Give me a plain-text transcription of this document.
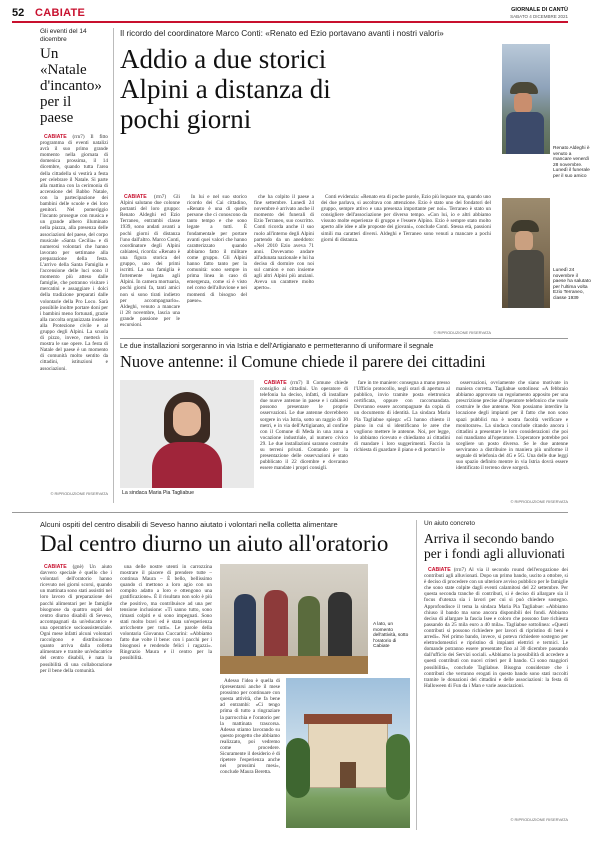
52 CABIATE	GIORNALE DI CANTÙ
SABATO 4 DICEMBRE 2021
Gli eventi del 14 dicembre
Un «Natale d'incanto» per il paese

CABIATE (rrn7) Il fitto programma di eventi natalizi avrà il suo primo grande momento nella giornata di domenica prossima, il 14 dicembre, quando tutta l'area della cittadella si vestirà a festa per celebrare il Natale. Si parte alla mattina con la cerimonia di accensione del Babbo Natale, con la partecipazione dei bambini delle scuole e dei loro genitori. Nel pomeriggio l'incanto prosegue con musica e un grande albero illuminato nella piazza, alla presenza delle associazioni del paese, del corpo musicale «Santa Cecilia» e di numerosi volontari che hanno lavorato per settimane alla preparazione della festa. L'arrivo della Santa Famiglia e l'accensione delle luci sono il momento più atteso dalle famiglie, che potranno visitare i mercatini e assaggiare i dolci della tradizione preparati dalle volontarie della Pro Loco. Sarà possibile inoltre portare doni per i bambini meno fortunati, grazie alla raccolta organizzata insieme alla Protezione civile e al gruppo degli Alpini. La scuola di pizzo, invece, metterà in mostra le sue opere. La festa di Natale del paese è un momento di comunità molto sentito da cittadini, istituzioni e associazioni.

© RIPRODUZIONE RISERVATA
Il ricordo del coordinatore Marco Conti: «Renato ed Ezio portavano avanti i nostri valori»
Addio a due storici Alpini a distanza di pochi giorni
Renato Aldeghi è venuto a mancare venerdì 28 novembre. Lunedì il funerale per il suo amico
Lunedì 24 novembre il paese ha salutato per l'ultima volta Ezio Terraneo, classe 1939

CABIATE (rrn7) Gli Alpini salutano due colonne portanti del loro gruppo: Renato Aldeghi ed Ezio Terraneo, entrambi classe 1939, sono andati avanti a pochi giorni di distanza l'uno dall'altro. Marco Conti, coordinatore degli Alpini cabiatesi, ricorda: «Renato è una figura storica del gruppo, uno dei primi iscritti. La sua famiglia è fortemente legata agli Alpini. In camera mortuaria, pochi giorni fa, tanti amici non si sono tirati indietro per accompagnarlo». Aldeghi, venuto a mancare il 28 novembre, lascia una grande passione per le escursioni.

In lui e nel suo storico ricordo dei Cai cittadino, «Renato è una di quelle persone che ci conoscono da tanto tempo e che sono legate a tutti. È fondamentale per portare avanti quei valori che hanno caratterizzato quando abbiamo fatto il militare come gruppo. Gli Alpini hanno fatto tanto per la comunità: sono sempre in prima linea in caso di emergenza, come si è visto nel corso dell'alluvione e nei momenti di bisogno del paese».

che ha colpito il paese a fine settembre. Lunedì 24 novembre è arrivato anche il momento dei funerali di Ezio Terraneo, suo coscritto. Conti ricorda anche il suo ruolo all'interno degli Alpini partendo da un aneddoto: «Nel 2010 Ezio aveva 71 anni. Dovevamo andare all'adunata nazionale e lui ha deciso di dormire con noi sul camion e non insieme agli altri Alpini più anziani. Aveva un carattere molto aperto».

Conti evidenzia: «Renato era di poche parole, Ezio più loquace ma, quando uno dei due parlava, si ascoltava con attenzione. Ezio è stato uno dei fondatori del gruppo, sempre attivo e una presenza importante per noi». Terraneo è stato un consigliere dell'associazione per diverso tempo. «Con lui, io e altri abbiamo vissuto molte esperienze di gruppo e l'essere Alpino. Ezio è sempre stato molto aperto alle idee e alle proposte dei giovani», conclude Conti. Stessa età, passioni simili ma caratteri diversi. Aldeghi e Terraneo sono venuti a mancare a pochi giorni di distanza.

© RIPRODUZIONE RISERVATA
Le due installazioni sorgeranno in via Istria e dell'Artigianato e permetteranno di uniformare il segnale
Nuove antenne: il Comune chiede il parere dei cittadini
La sindaca Maria Pia Tagliabue

CABIATE (rrn7) Il Comune chiede consiglio ai cittadini. Un operatore di telefonia ha deciso, infatti, di installare due nuove antenne in paese e i cabiatesi possono presentare le proprie osservazioni. Le due antenne dovrebbero sorgere in via Istria, sotto un raggio di 30 metri, e in via dell'Artigianato, al confine con il Comune di Meda in una zona a vocazione industriale, al numero civico 29. Le due installazioni saranno costruite su terreni privati. Contando per la presentazione delle osservazioni è stato pubblicato il 22 dicembre e dovranno essere mandate i propri consigli.

fare in tre maniere: consegna a mano presso l'Ufficio protocollo, negli orari di apertura al pubblico, invio tramite posta elettronica certificata, oppure con raccomandata. Dovranno essere accompagnate da copia di un documento di identità. La sindaca Maria Pia Tagliabue spiega: «Ci hanno chiesto il piano in cui si identificano le aree che vogliono mettere le antenne. Noi, per legge, lo abbiamo ricevuto e chiediamo ai cittadini di mandare i loro suggerimenti. Faccio la richiesta di guardare il piano e di portarci le

osservazioni, ovviamente che siano motivate in maniera corretta. Tagliabue sottolinea: «A febbraio abbiamo approvato un regolamento apposito per una prescrizione precise all'operatore telefonico che vuole costruire le due antenne. Non possiamo interdire la locazione degli impianti per il fatto che non sono spazi pubblici ma è nostra facoltà verificare e monitorare». La sindaca conclude citando ancora i cittadini a presentare le loro considerazioni che poi noi mandiamo all'operatore. L'operatore potrebbe poi scegliere un posto diverso. Se le due antenne serviranno a distribuire in maniera più uniforme il segnale di telefonia del 4G e 5G. Una delle due leggi suo spazio definito mentre in via Istria dovrà essere identificato il terreno dove sorgerà.

© RIPRODUZIONE RISERVATA
Alcuni ospiti del centro disabili di Seveso hanno aiutato i volontari nella colletta alimentare
Dal centro diurno un aiuto all'oratorio

CABIATE (gnè) Un aiuto davvero speciale è quello che i volontari dell'oratorio hanno ricevuto nei giorni scorsi, quando un mattinata sono stati assistiti nel loro lavoro di preparazione dei pacchi alimentari per le famiglie bisognose da quattro ospiti del centro diurno disabili di Seveso, accompagnati da un'educatrice e una operatrice socioassistenziale. Ogni mese infatti alcuni volontari raccolgono e distribuiscono quanto arriva dalla colletta alimentare e tramite un'educatrice del centro disabili, è nata la possibilità di una collaborazione per il bene della comunità.

una delle nostre utenti in carrozzina mostrare il piacere di prendere tutte – continua Maura – È bello, bellissimo quando ci mettono a loro agio con un compito adatto a loro e ottengono una gratificazione». È il risultato non solo è più che positivo, ma contribuisce ad una per tensione inclusione: «Ti sanno tutto, sono rimasti colpiti e si sono impegnati. Sono stati molto bravi ed è stata un'esperienza arricchente per tutti». Le parole della volontaria Giovanna Cuccarini: «Abbiamo fatto due volte il bene: con i pacchi per i bisognosi e rendendo felici i ragazzi». Ringrazio Maura e il centro per la possibilità.

Adesso l'idea è quella di ripresentarsi anche il mese prossimo per continuare con questa attività, che fa bene ad entrambi: «Ci tengo prima di tutto a ringraziare la parrocchia e l'oratorio per la mattinata trascorsa. Adesso stiamo lavorando su questo progetto che abbiamo realizzato, poi vedremo come procedere. Sicuramente il desiderio è di ripetere l'esperienza anche nei prossimi mesi», conclude Maura Beretta.

A lato, un momento dell'attività, sotto l'oratorio di Cabiate
Un aiuto concreto
Arriva il secondo bando per i fondi agli alluvionati

CABIATE (rrn7) Al via il secondo round dell'erogazione dei contributi agli alluvionati. Dopo un primo bando, uscito a ottobre, si è deciso di procedere con un ulteriore avviso pubblico per le famiglie che sono state colpite dagli eventi calamitosi del 22 settembre. Per questa seconda tranche di contributi, si è deciso di allargare sia il focus d'utenza sia i lavori per cui si può chiedere sostegno. Approfondisce il tema la sindaca Maria Pia Tagliabue: «Abbiamo chiuso il bando ma sono ancora disponibili dei fondi. Abbiamo deciso di allargare la fascia Isee e coloro che possono fare richiesta passando da 25 mila euro a 40 mila». Tagliabue sottolinea: «Questi contributi si possono richiedere per lavori di ripristino di beni e arredi». Nel primo bando, invece, si poteva richiedere sostegno per elettrodomestici e ripristino di impianti elettrici e termici. Le domande potranno essere presentate fino al 30 dicembre passando dall'ufficio dei Servizi sociali. «Abbiamo la possibilità di accedere a questi contributi con nuovi criteri per il bando. Ci sono maggiori possibilità», conclude Tagliabue. Bisogna considerare che i contributi che verranno erogati in questo bando sono stati raccolti tramite le donazioni dei cittadini e delle associazioni: la festa di Halloween di Fun da i Man e varie associazioni.

© RIPRODUZIONE RISERVATA
